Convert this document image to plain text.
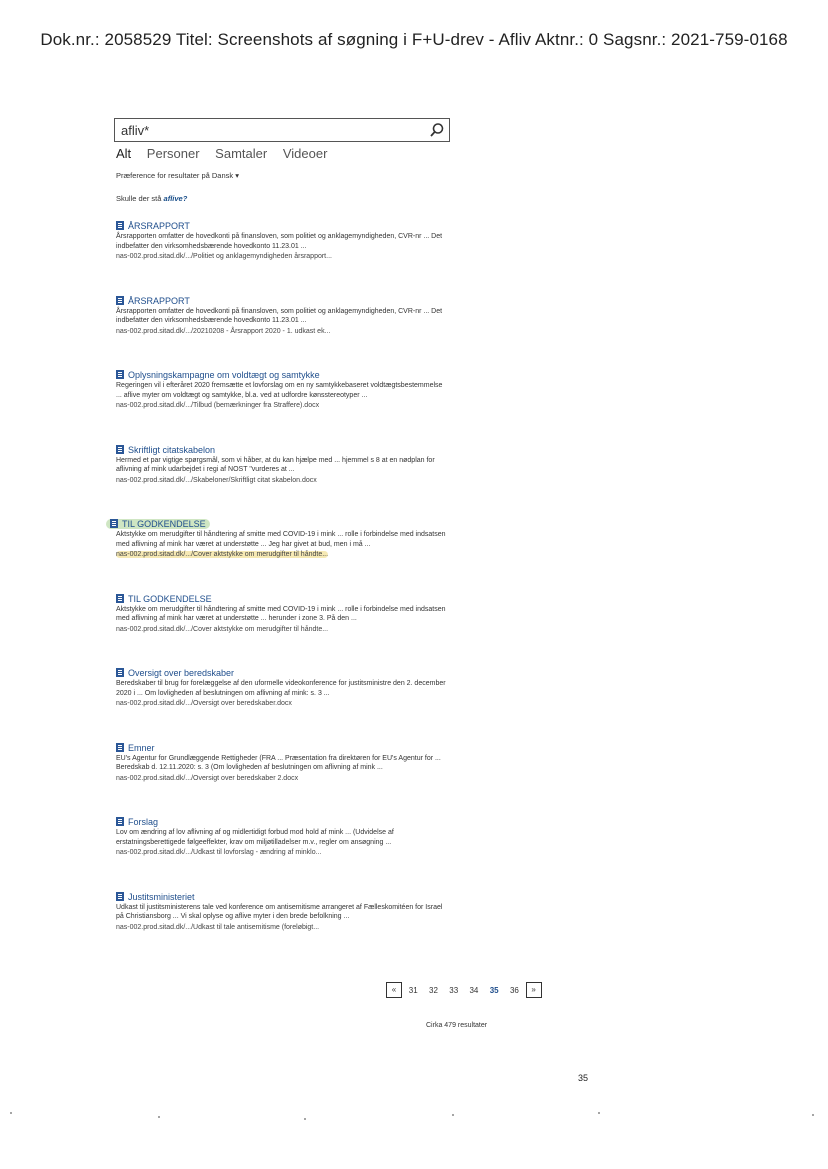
Dok.nr.: 2058529 Titel: Screenshots af søgning i F+U-drev - Afliv Aktnr.: 0 Sagsnr.: 2021-759-0168
afliv*
Alt Personer Samtaler Videoer
Præference for resultater på Dansk ▾
Skulle der stå aflive?
ÅRSRAPPORT
Årsrapporten omfatter de hovedkonti på finansloven, som politiet og anklagemyndigheden, CVR-nr ... Det indbefatter den virksomhedsbærende hovedkonto 11.23.01 ...
nas-002.prod.sitad.dk/.../Politiet og anklagemyndigheden årsrapport...
ÅRSRAPPORT
Årsrapporten omfatter de hovedkonti på finansloven, som politiet og anklagemyndigheden, CVR-nr ... Det indbefatter den virksomhedsbærende hovedkonto 11.23.01 ...
nas-002.prod.sitad.dk/.../20210208 - Årsrapport 2020 - 1. udkast ek...
Oplysningskampagne om voldtægt og samtykke
Regeringen vil i efteråret 2020 fremsætte et lovforslag om en ny samtykkebaseret voldtægtsbestemmelse ... aflive myter om voldtægt og samtykke, bl.a. ved at udfordre kønsstereotyper ...
nas-002.prod.sitad.dk/.../Tilbud (bemærkninger fra Straffere).docx
Skriftligt citatskabelon
Hermed et par vigtige spørgsmål, som vi håber, at du kan hjælpe med ... hjemmel s 8 at en nødplan for aflivning af mink udarbejdet i regi af NOST "vurderes at ...
nas-002.prod.sitad.dk/.../Skabeloner/Skriftligt citat skabelon.docx
TIL GODKENDELSE
Aktstykke om merudgifter til håndtering af smitte med COVID-19 i mink ... rolle i forbindelse med indsatsen med aflivning af mink har været at understøtte ... Jeg har givet at bud, men i må ...
nas-002.prod.sitad.dk/.../Cover aktstykke om merudgifter til håndte...
TIL GODKENDELSE
Aktstykke om merudgifter til håndtering af smitte med COVID-19 i mink ... rolle i forbindelse med indsatsen med aflivning af mink har været at understøtte ... herunder i zone 3. På den ...
nas-002.prod.sitad.dk/.../Cover aktstykke om merudgifter til håndte...
Oversigt over beredskaber
Beredskaber til brug for forelæggelse af den uformelle videokonference for justitsministre den 2. december 2020 i ... Om lovligheden af beslutningen om aflivning af mink: s. 3 ...
nas-002.prod.sitad.dk/.../Oversigt over beredskaber.docx
Emner
EU's Agentur for Grundlæggende Rettigheder (FRA ... Præsentation fra direktøren for EU's Agentur for ... Beredskab d. 12.11.2020: s. 3 (Om lovligheden af beslutningen om aflivning af mink ...
nas-002.prod.sitad.dk/.../Oversigt over beredskaber 2.docx
Forslag
Lov om ændring af lov aflivning af og midlertidigt forbud mod hold af mink ... (Udvidelse af erstatningsberettigede følgeeffekter, krav om miljøtilladelser m.v., regler om ansøgning ...
nas-002.prod.sitad.dk/.../Udkast til lovforslag - ændring af minklo...
Justitsministeriet
Udkast til justitsministerens tale ved konference om antisemitisme arrangeret af Fælleskomitéen for Israel på Christiansborg ... Vi skal oplyse og aflive myter i den brede befolkning ...
nas-002.prod.sitad.dk/.../Udkast til tale antisemitisme (foreløbigt...
« 31 32 33 34 35 36 »
Cirka 479 resultater
35
